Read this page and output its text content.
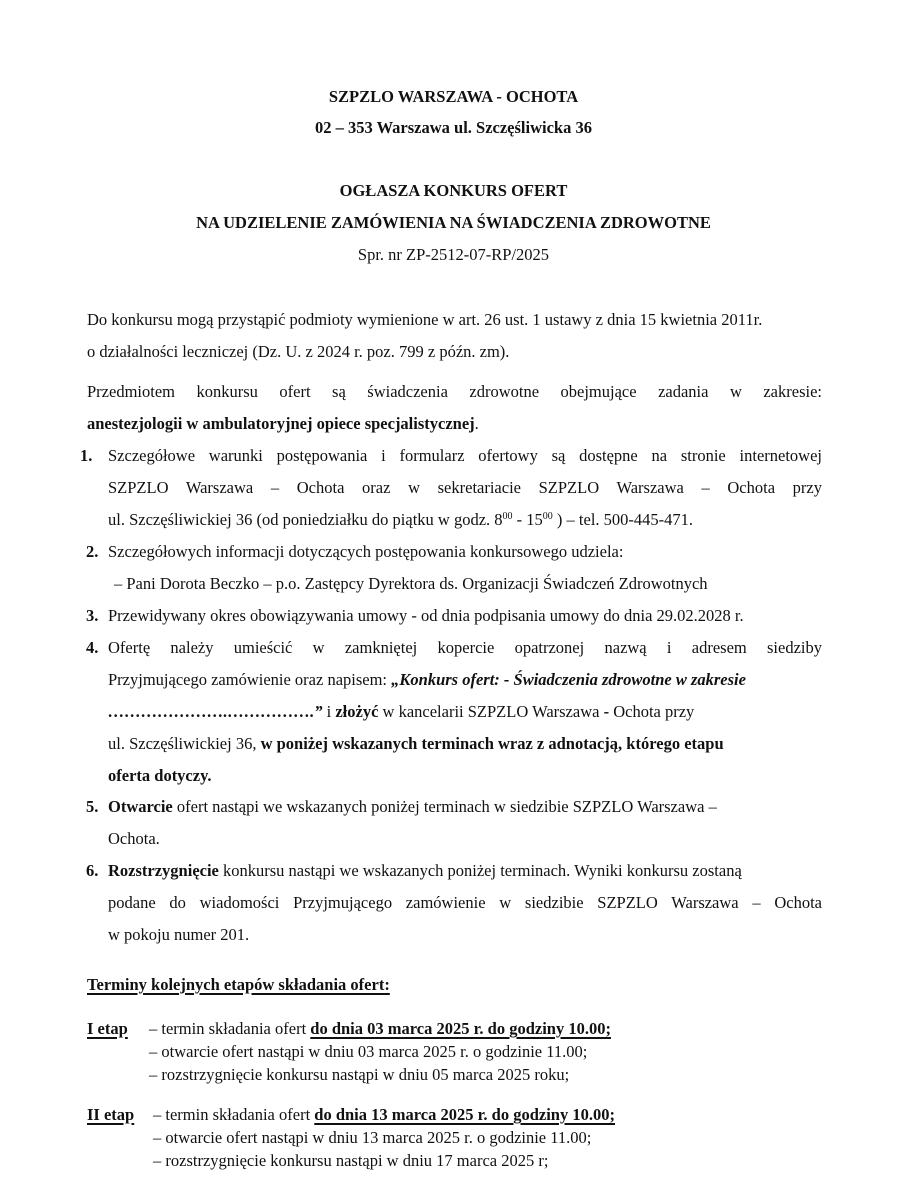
SZPZLO WARSZAWA - OCHOTA
02 – 353 Warszawa ul. Szczęśliwicka 36
OGŁASZA KONKURS OFERT
NA UDZIELENIE ZAMÓWIENIA NA ŚWIADCZENIA ZDROWOTNE
Spr. nr ZP-2512-07-RP/2025
Do konkursu mogą przystąpić podmioty wymienione w art. 26 ust. 1 ustawy z dnia 15 kwietnia 2011r.
o działalności leczniczej (Dz. U. z 2024 r. poz. 799 z późn. zm).
Przedmiotem konkursu ofert są świadczenia zdrowotne obejmujące zadania w zakresie:
anestezjologii w ambulatoryjnej opiece specjalistycznej.
1. Szczegółowe warunki postępowania i formularz ofertowy są dostępne na stronie internetowej
SZPZLO Warszawa – Ochota oraz w sekretariacie SZPZLO Warszawa – Ochota przy
ul. Szczęśliwickiej 36 (od poniedziałku do piątku w godz. $8^{00} - 15^{00}$ ) – tel. 500-445-471.
2. Szczegółowych informacji dotyczących postępowania konkursowego udziela:
– Pani Dorota Beczko – p.o. Zastępcy Dyrektora ds. Organizacji Świadczeń Zdrowotnych
3. Przewidywany okres obowiązywania umowy - od dnia podpisania umowy do dnia 29.02.2028 r.
4. Ofertę należy umieścić w zamkniętej kopercie opatrzonej nazwą i adresem siedziby
Przyjmującego zamówienie oraz napisem: „Konkurs ofert: - Świadczenia zdrowotne w zakresie
………………….…………….” i złożyć w kancelarii SZPZLO Warszawa - Ochota przy
ul. Szczęśliwickiej 36, w poniżej wskazanych terminach wraz z adnotacją, którego etapu
oferta dotyczy.
5. Otwarcie ofert nastąpi we wskazanych poniżej terminach w siedzibie SZPZLO Warszawa –
Ochota.
6. Rozstrzygnięcie konkursu nastąpi we wskazanych poniżej terminach. Wyniki konkursu zostaną
podane do wiadomości Przyjmującego zamówienie w siedzibie SZPZLO Warszawa – Ochota
w pokoju numer 201.
Terminy kolejnych etapów składania ofert:
I etap – termin składania ofert do dnia 03 marca 2025 r. do godziny 10.00;
– otwarcie ofert nastąpi w dniu 03 marca 2025 r. o godzinie 11.00;
– rozstrzygnięcie konkursu nastąpi w dniu 05 marca 2025 roku;
II etap – termin składania ofert do dnia 13 marca 2025 r. do godziny 10.00;
– otwarcie ofert nastąpi w dniu 13 marca 2025 r. o godzinie 11.00;
– rozstrzygnięcie konkursu nastąpi w dniu 17 marca 2025 r;
